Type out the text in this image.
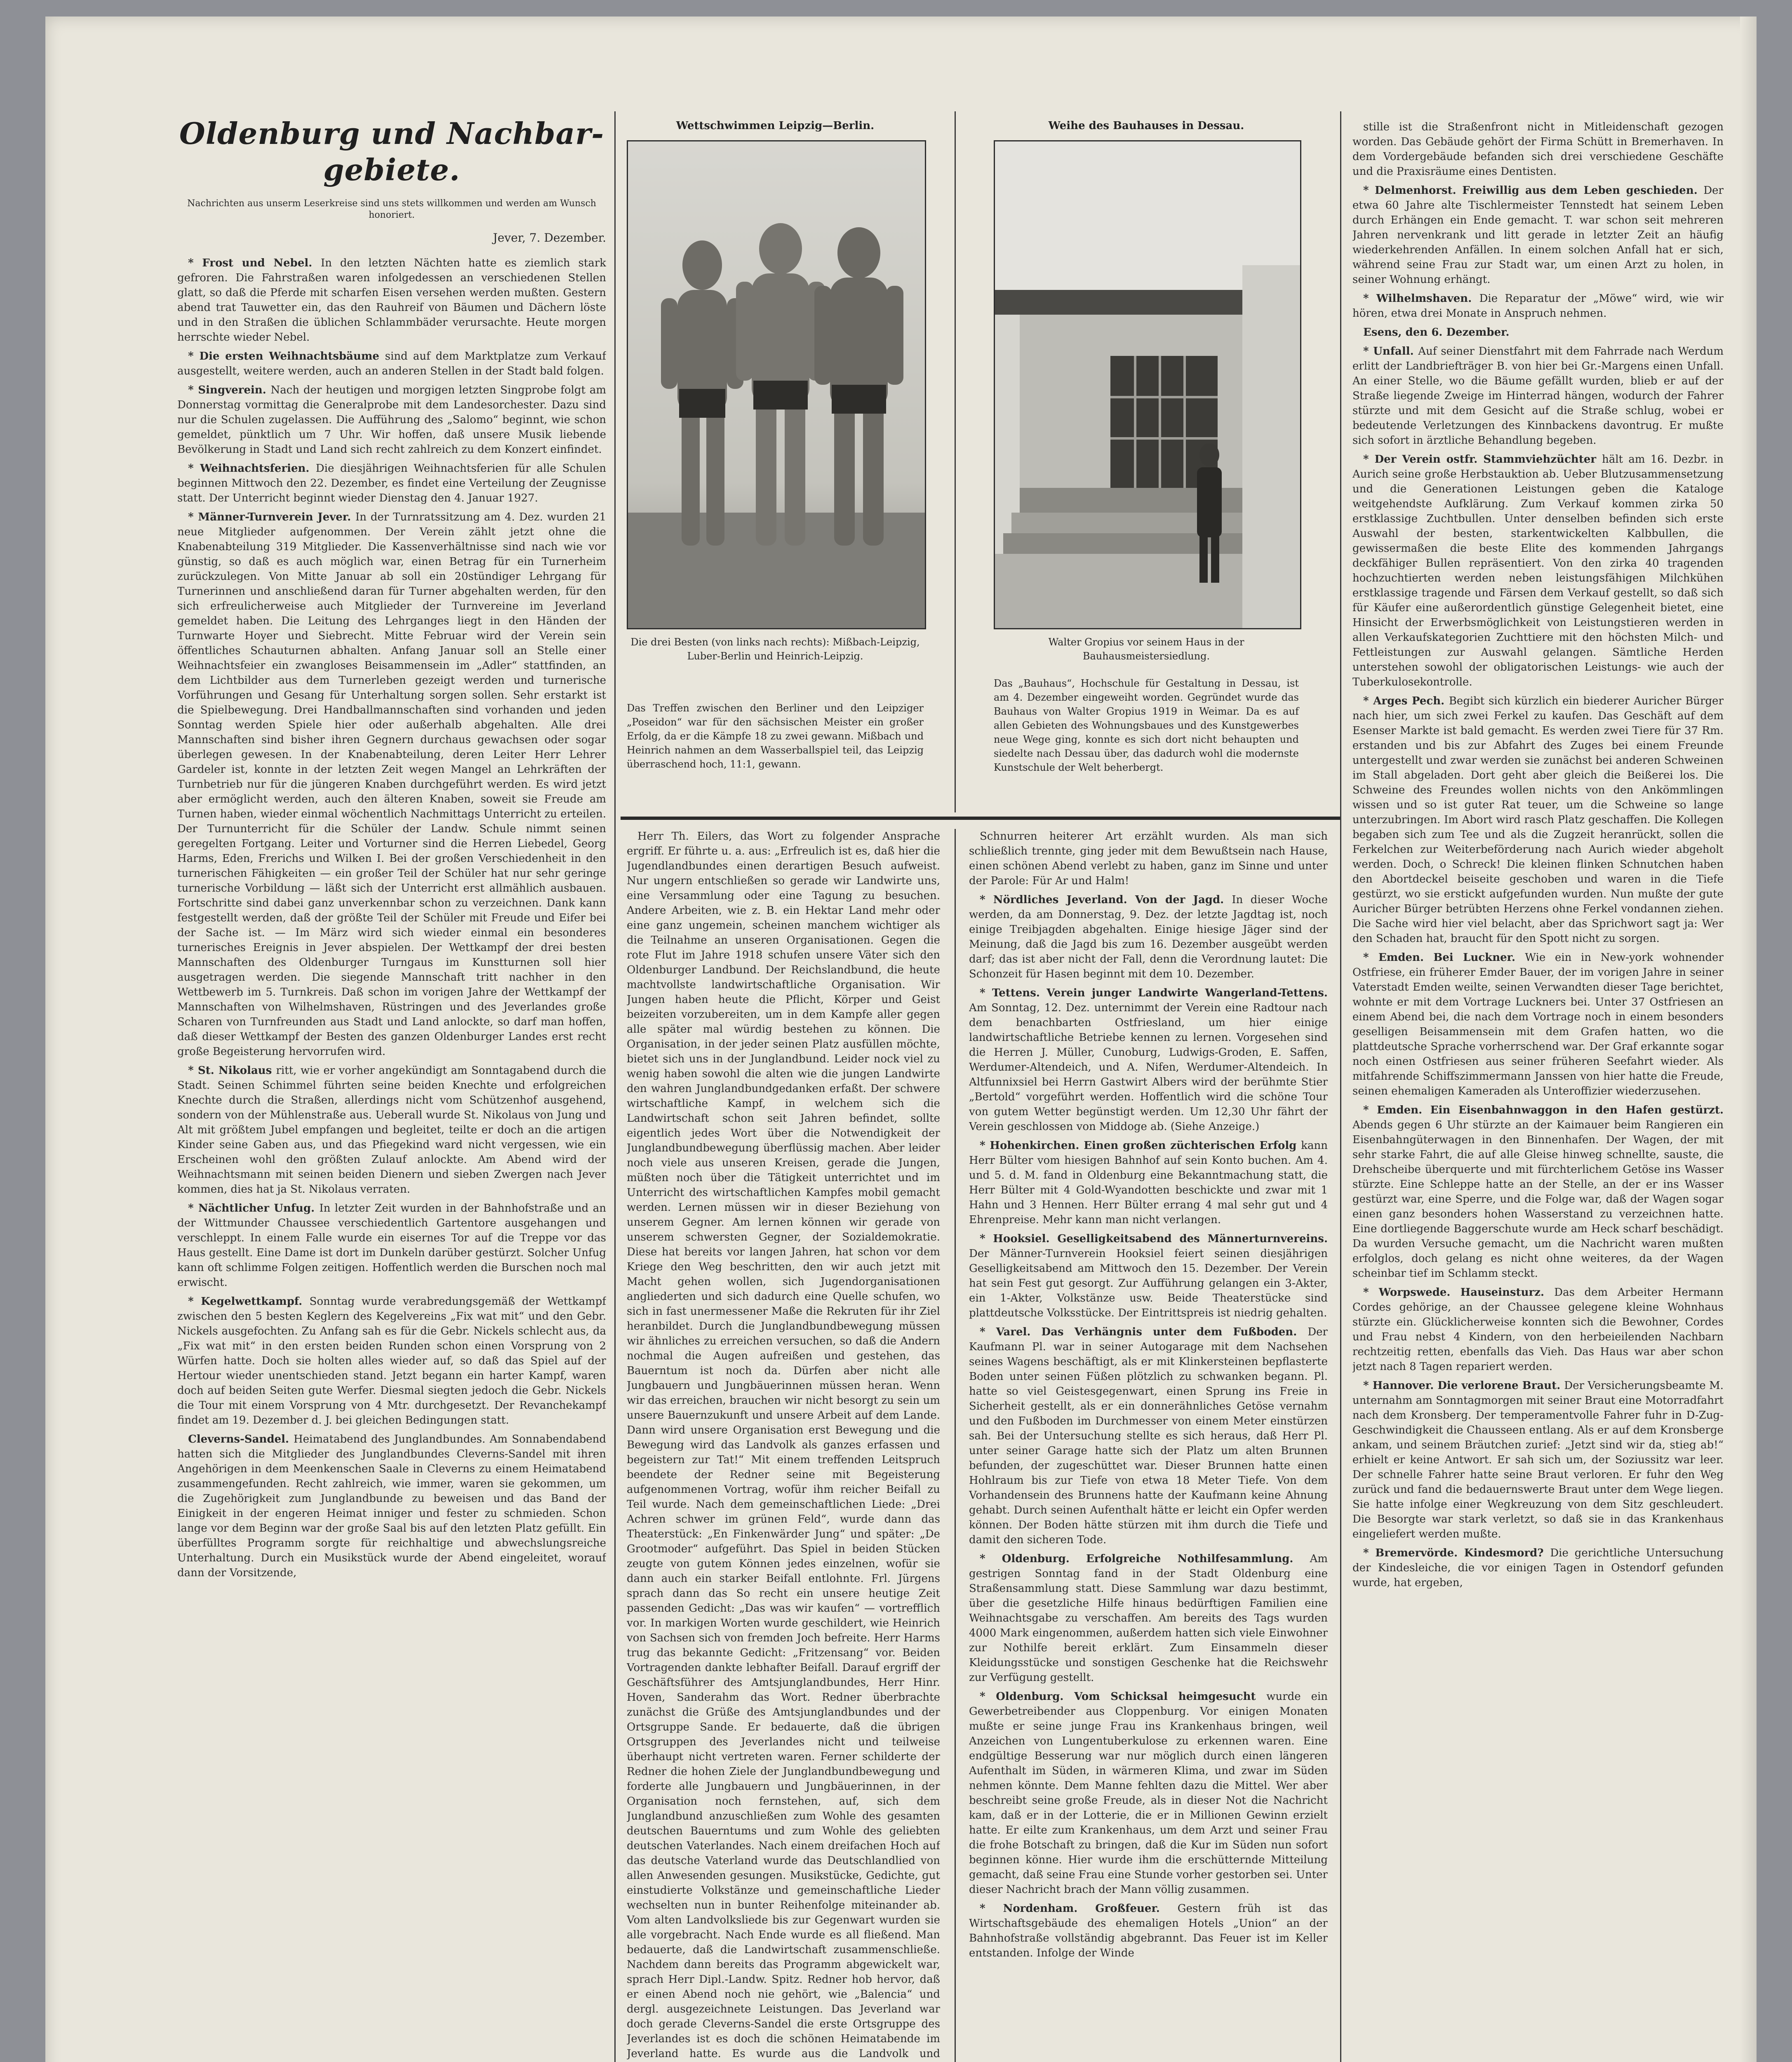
Oldenburg und Nachbar-gebiete.
Nachrichten aus unserm Leserkreise sind uns stets willkommen und werden am Wunsch honoriert.
Jever, 7. Dezember.

* Frost und Nebel. In den letzten Nächten hatte es ziemlich stark gefroren. Die Fahrstraßen waren infolgedessen an verschiedenen Stellen glatt, so daß die Pferde mit scharfen Eisen versehen werden mußten. Gestern abend trat Tauwetter ein, das den Rauhreif von Bäumen und Dächern löste und in den Straßen die üblichen Schlammbäder verursachte. Heute morgen herrschte wieder Nebel.

* Die ersten Weihnachtsbäume sind auf dem Marktplatze zum Verkauf ausgestellt, weitere werden, auch an anderen Stellen in der Stadt bald folgen.

* Singverein. Nach der heutigen und morgigen letzten Singprobe folgt am Donnerstag vormittag die Generalprobe mit dem Landesorchester. Dazu sind nur die Schulen zugelassen. Die Aufführung des „Salomo“ beginnt, wie schon gemeldet, pünktlich um 7 Uhr. Wir hoffen, daß unsere Musik liebende Bevölkerung in Stadt und Land sich recht zahlreich zu dem Konzert einfindet.

* Weihnachtsferien. Die diesjährigen Weihnachtsferien für alle Schulen beginnen Mittwoch den 22. Dezember, es findet eine Verteilung der Zeugnisse statt. Der Unterricht beginnt wieder Dienstag den 4. Januar 1927.

* Männer-Turnverein Jever. In der Turnratssitzung am 4. Dez. wurden 21 neue Mitglieder aufgenommen. Der Verein zählt jetzt ohne die Knabenabteilung 319 Mitglieder. Die Kassenverhältnisse sind nach wie vor günstig, so daß es auch möglich war, einen Betrag für ein Turnerheim zurückzulegen. Von Mitte Januar ab soll ein 20stündiger Lehrgang für Turnerinnen und anschließend daran für Turner abgehalten werden, für den sich erfreulicherweise auch Mitglieder der Turnvereine im Jeverland gemeldet haben. Die Leitung des Lehrganges liegt in den Händen der Turnwarte Hoyer und Siebrecht. Mitte Februar wird der Verein sein öffentliches Schauturnen abhalten. Anfang Januar soll an Stelle einer Weihnachtsfeier ein zwangloses Beisammensein im „Adler“ stattfinden, an dem Lichtbilder aus dem Turnerleben gezeigt werden und turnerische Vorführungen und Gesang für Unterhaltung sorgen sollen. Sehr erstarkt ist die Spielbewegung. Drei Handballmannschaften sind vorhanden und jeden Sonntag werden Spiele hier oder außerhalb abgehalten. Alle drei Mannschaften sind bisher ihren Gegnern durchaus gewachsen oder sogar überlegen gewesen. In der Knabenabteilung, deren Leiter Herr Lehrer Gardeler ist, konnte in der letzten Zeit wegen Mangel an Lehrkräften der Turnbetrieb nur für die jüngeren Knaben durchgeführt werden. Es wird jetzt aber ermöglicht werden, auch den älteren Knaben, soweit sie Freude am Turnen haben, wieder einmal wöchentlich Nachmittags Unterricht zu erteilen. Der Turnunterricht für die Schüler der Landw. Schule nimmt seinen geregelten Fortgang. Leiter und Vorturner sind die Herren Liebedel, Georg Harms, Eden, Frerichs und Wilken I. Bei der großen Verschiedenheit in den turnerischen Fähigkeiten — ein großer Teil der Schüler hat nur sehr geringe turnerische Vorbildung — läßt sich der Unterricht erst allmählich ausbauen. Fortschritte sind dabei ganz unverkennbar schon zu verzeichnen. Dank kann festgestellt werden, daß der größte Teil der Schüler mit Freude und Eifer bei der Sache ist. — Im März wird sich wieder einmal ein besonderes turnerisches Ereignis in Jever abspielen. Der Wettkampf der drei besten Mannschaften des Oldenburger Turngaus im Kunstturnen soll hier ausgetragen werden. Die siegende Mannschaft tritt nachher in den Wettbewerb im 5. Turnkreis. Daß schon im vorigen Jahre der Wettkampf der Mannschaften von Wilhelmshaven, Rüstringen und des Jeverlandes große Scharen von Turnfreunden aus Stadt und Land anlockte, so darf man hoffen, daß dieser Wettkampf der Besten des ganzen Oldenburger Landes erst recht große Begeisterung hervorrufen wird.

* St. Nikolaus ritt, wie er vorher angekündigt am Sonntagabend durch die Stadt. Seinen Schimmel führten seine beiden Knechte und erfolgreichen Knechte durch die Straßen, allerdings nicht vom Schützenhof ausgehend, sondern von der Mühlenstraße aus. Ueberall wurde St. Nikolaus von Jung und Alt mit größtem Jubel empfangen und begleitet, teilte er doch an die artigen Kinder seine Gaben aus, und das Pfiegekind ward nicht vergessen, wie ein Erscheinen wohl den größten Zulauf anlockte. Am Abend wird der Weihnachtsmann mit seinen beiden Dienern und sieben Zwergen nach Jever kommen, dies hat ja St. Nikolaus verraten.

* Nächtlicher Unfug. In letzter Zeit wurden in der Bahnhofstraße und an der Wittmunder Chaussee verschiedentlich Gartentore ausgehangen und verschleppt. In einem Falle wurde ein eisernes Tor auf die Treppe vor das Haus gestellt. Eine Dame ist dort im Dunkeln darüber gestürzt. Solcher Unfug kann oft schlimme Folgen zeitigen. Hoffentlich werden die Burschen noch mal erwischt.

* Kegelwettkampf. Sonntag wurde verabredungsgemäß der Wettkampf zwischen den 5 besten Keglern des Kegelvereins „Fix wat mit“ und den Gebr. Nickels ausgefochten. Zu Anfang sah es für die Gebr. Nickels schlecht aus, da „Fix wat mit“ in den ersten beiden Runden schon einen Vorsprung von 2 Würfen hatte. Doch sie holten alles wieder auf, so daß das Spiel auf der Hertour wieder unentschieden stand. Jetzt begann ein harter Kampf, waren doch auf beiden Seiten gute Werfer. Diesmal siegten jedoch die Gebr. Nickels die Tour mit einem Vorsprung von 4 Mtr. durchgesetzt. Der Revanchekampf findet am 19. Dezember d. J. bei gleichen Bedingungen statt.

Cleverns-Sandel. Heimatabend des Junglandbundes. Am Sonnabendabend hatten sich die Mitglieder des Junglandbundes Cleverns-Sandel mit ihren Angehörigen in dem Meenkenschen Saale in Cleverns zu einem Heimatabend zusammengefunden. Recht zahlreich, wie immer, waren sie gekommen, um die Zugehörigkeit zum Junglandbunde zu beweisen und das Band der Einigkeit in der engeren Heimat inniger und fester zu schmieden. Schon lange vor dem Beginn war der große Saal bis auf den letzten Platz gefüllt. Ein überfülltes Programm sorgte für reichhaltige und abwechslungsreiche Unterhaltung. Durch ein Musikstück wurde der Abend eingeleitet, worauf dann der Vorsitzende,

Wettschwimmen Leipzig—Berlin.
Die drei Besten (von links nach rechts): Mißbach-Leipzig, Luber-Berlin und Heinrich-Leipzig.
Das Treffen zwischen den Berliner und den Leipziger „Poseidon“ war für den sächsischen Meister ein großer Erfolg, da er die Kämpfe 18 zu zwei gewann. Mißbach und Heinrich nahmen an dem Wasserballspiel teil, das Leipzig überraschend hoch, 11:1, gewann.
Weihe des Bauhauses in Dessau.
Walter Gropius vor seinem Haus in der Bauhausmeistersiedlung.
Das „Bauhaus“, Hochschule für Gestaltung in Dessau, ist am 4. Dezember eingeweiht worden. Gegründet wurde das Bauhaus von Walter Gropius 1919 in Weimar. Da es auf allen Gebieten des Wohnungsbaues und des Kunstgewerbes neue Wege ging, konnte es sich dort nicht behaupten und siedelte nach Dessau über, das dadurch wohl die modernste Kunstschule der Welt beherbergt.

Herr Th. Eilers, das Wort zu folgender Ansprache ergriff. Er führte u. a. aus: „Erfreulich ist es, daß hier die Jugendlandbundes einen derartigen Besuch aufweist. Nur ungern entschließen so gerade wir Landwirte uns, eine Versammlung oder eine Tagung zu besuchen. Andere Arbeiten, wie z. B. ein Hektar Land mehr oder eine ganz ungemein, scheinen manchem wichtiger als die Teilnahme an unseren Organisationen. Gegen die rote Flut im Jahre 1918 schufen unsere Väter sich den Oldenburger Landbund. Der Reichslandbund, die heute machtvollste landwirtschaftliche Organisation. Wir Jungen haben heute die Pflicht, Körper und Geist beizeiten vorzubereiten, um in dem Kampfe aller gegen alle später mal würdig bestehen zu können. Die Organisation, in der jeder seinen Platz ausfüllen möchte, bietet sich uns in der Junglandbund. Leider nock viel zu wenig haben sowohl die alten wie die jungen Landwirte den wahren Junglandbundgedanken erfaßt. Der schwere wirtschaftliche Kampf, in welchem sich die Landwirtschaft schon seit Jahren befindet, sollte eigentlich jedes Wort über die Notwendigkeit der Junglandbundbewegung überflüssig machen. Aber leider noch viele aus unseren Kreisen, gerade die Jungen, müßten noch über die Tätigkeit unterrichtet und im Unterricht des wirtschaftlichen Kampfes mobil gemacht werden. Lernen müssen wir in dieser Beziehung von unserem Gegner. Am lernen können wir gerade von unserem schwersten Gegner, der Sozialdemokratie. Diese hat bereits vor langen Jahren, hat schon vor dem Kriege den Weg beschritten, den wir auch jetzt mit Macht gehen wollen, sich Jugendorganisationen angliederten und sich dadurch eine Quelle schufen, wo sich in fast unermessener Maße die Rekruten für ihr Ziel heranbildet. Durch die Junglandbundbewegung müssen wir ähnliches zu erreichen versuchen, so daß die Andern nochmal die Augen aufreißen und gestehen, das Bauerntum ist noch da. Dürfen aber nicht alle Jungbauern und Jungbäuerinnen müssen heran. Wenn wir das erreichen, brauchen wir nicht besorgt zu sein um unsere Bauernzukunft und unsere Arbeit auf dem Lande. Dann wird unsere Organisation erst Bewegung und die Bewegung wird das Landvolk als ganzes erfassen und begeistern zur Tat!“ Mit einem treffenden Leitspruch beendete der Redner seine mit Begeisterung aufgenommenen Vortrag, wofür ihm reicher Beifall zu Teil wurde. Nach dem gemeinschaftlichen Liede: „Drei Achren schwer im grünen Feld“, wurde dann das Theaterstück: „En Finkenwärder Jung“ und später: „De Grootmoder“ aufgeführt. Das Spiel in beiden Stücken zeugte von gutem Können jedes einzelnen, wofür sie dann auch ein starker Beifall entlohnte. Frl. Jürgens sprach dann das So recht ein unsere heutige Zeit passenden Gedicht: „Das was wir kaufen“ — vortrefflich vor. In markigen Worten wurde geschildert, wie Heinrich von Sachsen sich von fremden Joch befreite. Herr Harms trug das bekannte Gedicht: „Fritzensang“ vor. Beiden Vortragenden dankte lebhafter Beifall. Darauf ergriff der Geschäftsführer des Amtsjunglandbundes, Herr Hinr. Hoven, Sanderahm das Wort. Redner überbrachte zunächst die Grüße des Amtsjunglandbundes und der Ortsgruppe Sande. Er bedauerte, daß die übrigen Ortsgruppen des Jeverlandes nicht und teilweise überhaupt nicht vertreten waren. Ferner schilderte der Redner die hohen Ziele der Junglandbundbewegung und forderte alle Jungbauern und Jungbäuerinnen, in der Organisation noch fernstehen, auf, sich dem Junglandbund anzuschließen zum Wohle des gesamten deutschen Bauerntums und zum Wohle des geliebten deutschen Vaterlandes. Nach einem dreifachen Hoch auf das deutsche Vaterland wurde das Deutschlandlied von allen Anwesenden gesungen. Musikstücke, Gedichte, gut einstudierte Volkstänze und gemeinschaftliche Lieder wechselten nun in bunter Reihenfolge miteinander ab. Vom alten Landvolksliede bis zur Gegenwart wurden sie alle vorgebracht. Nach Ende wurde es all fließend. Man bedauerte, daß die Landwirtschaft zusammenschließe. Nachdem dann bereits das Programm abgewickelt war, sprach Herr Dipl.-Landw. Spitz. Redner hob hervor, daß er einen Abend noch nie gehört, wie „Balencia“ und dergl. ausgezeichnete Leistungen. Das Jeverland war doch gerade Cleverns-Sandel die erste Ortsgruppe des Jeverlandes ist es doch die schönen Heimatabende im Jeverland hatte. Es wurde aus die Landvolk und

Schnurren heiterer Art erzählt wurden. Als man sich schließlich trennte, ging jeder mit dem Bewußtsein nach Hause, einen schönen Abend verlebt zu haben, ganz im Sinne und unter der Parole: Für Ar und Halm!

* Nördliches Jeverland. Von der Jagd. In dieser Woche werden, da am Donnerstag, 9. Dez. der letzte Jagdtag ist, noch einige Treibjagden abgehalten. Einige hiesige Jäger sind der Meinung, daß die Jagd bis zum 16. Dezember ausgeübt werden darf; das ist aber nicht der Fall, denn die Verordnung lautet: Die Schonzeit für Hasen beginnt mit dem 10. Dezember.

* Tettens. Verein junger Landwirte Wangerland-Tettens. Am Sonntag, 12. Dez. unternimmt der Verein eine Radtour nach dem benachbarten Ostfriesland, um hier einige landwirtschaftliche Betriebe kennen zu lernen. Vorgesehen sind die Herren J. Müller, Cunoburg, Ludwigs-Groden, E. Saffen, Werdumer-Altendeich, und A. Nifen, Werdumer-Altendeich. In Altfunnixsiel bei Herrn Gastwirt Albers wird der berühmte Stier „Bertold“ vorgeführt werden. Hoffentlich wird die schöne Tour von gutem Wetter begünstigt werden. Um 12,30 Uhr fährt der Verein geschlossen von Middoge ab. (Siehe Anzeige.)

* Hohenkirchen. Einen großen züchterischen Erfolg kann Herr Bülter vom hiesigen Bahnhof auf sein Konto buchen. Am 4. und 5. d. M. fand in Oldenburg eine Bekanntmachung statt, die Herr Bülter mit 4 Gold-Wyandotten beschickte und zwar mit 1 Hahn und 3 Hennen. Herr Bülter errang 4 mal sehr gut und 4 Ehrenpreise. Mehr kann man nicht verlangen.

* Hooksiel. Geselligkeitsabend des Männerturnvereins. Der Männer-Turnverein Hooksiel feiert seinen diesjährigen Geselligkeitsabend am Mittwoch den 15. Dezember. Der Verein hat sein Fest gut gesorgt. Zur Aufführung gelangen ein 3-Akter, ein 1-Akter, Volkstänze usw. Beide Theaterstücke sind plattdeutsche Volksstücke. Der Eintrittspreis ist niedrig gehalten.

* Varel. Das Verhängnis unter dem Fußboden. Der Kaufmann Pl. war in seiner Autogarage mit dem Nachsehen seines Wagens beschäftigt, als er mit Klinkersteinen bepflasterte Boden unter seinen Füßen plötzlich zu schwanken begann. Pl. hatte so viel Geistesgegenwart, einen Sprung ins Freie in Sicherheit gestellt, als er ein donnerähnliches Getöse vernahm und den Fußboden im Durchmesser von einem Meter einstürzen sah. Bei der Untersuchung stellte es sich heraus, daß Herr Pl. unter seiner Garage hatte sich der Platz um alten Brunnen befunden, der zugeschüttet war. Dieser Brunnen hatte einen Hohlraum bis zur Tiefe von etwa 18 Meter Tiefe. Von dem Vorhandensein des Brunnens hatte der Kaufmann keine Ahnung gehabt. Durch seinen Aufenthalt hätte er leicht ein Opfer werden können. Der Boden hätte stürzen mit ihm durch die Tiefe und damit den sicheren Tode.

* Oldenburg. Erfolgreiche Nothilfesammlung. Am gestrigen Sonntag fand in der Stadt Oldenburg eine Straßensammlung statt. Diese Sammlung war dazu bestimmt, über die gesetzliche Hilfe hinaus bedürftigen Familien eine Weihnachtsgabe zu verschaffen. Am bereits des Tags wurden 4000 Mark eingenommen, außerdem hatten sich viele Einwohner zur Nothilfe bereit erklärt. Zum Einsammeln dieser Kleidungsstücke und sonstigen Geschenke hat die Reichswehr zur Verfügung gestellt.

* Oldenburg. Vom Schicksal heimgesucht wurde ein Gewerbetreibender aus Cloppenburg. Vor einigen Monaten mußte er seine junge Frau ins Krankenhaus bringen, weil Anzeichen von Lungentuberkulose zu erkennen waren. Eine endgültige Besserung war nur möglich durch einen längeren Aufenthalt im Süden, in wärmeren Klima, und zwar im Süden nehmen könnte. Dem Manne fehlten dazu die Mittel. Wer aber beschreibt seine große Freude, als in dieser Not die Nachricht kam, daß er in der Lotterie, die er in Millionen Gewinn erzielt hatte. Er eilte zum Krankenhaus, um dem Arzt und seiner Frau die frohe Botschaft zu bringen, daß die Kur im Süden nun sofort beginnen könne. Hier wurde ihm die erschütternde Mitteilung gemacht, daß seine Frau eine Stunde vorher gestorben sei. Unter dieser Nachricht brach der Mann völlig zusammen.

* Nordenham. Großfeuer. Gestern früh ist das Wirtschaftsgebäude des ehemaligen Hotels „Union“ an der Bahnhofstraße vollständig abgebrannt. Das Feuer ist im Keller entstanden. Infolge der Winde

stille ist die Straßenfront nicht in Mitleidenschaft gezogen worden. Das Gebäude gehört der Firma Schütt in Bremerhaven. In dem Vordergebäude befanden sich drei verschiedene Geschäfte und die Praxisräume eines Dentisten.

* Delmenhorst. Freiwillig aus dem Leben geschieden. Der etwa 60 Jahre alte Tischlermeister Tennstedt hat seinem Leben durch Erhängen ein Ende gemacht. T. war schon seit mehreren Jahren nervenkrank und litt gerade in letzter Zeit an häufig wiederkehrenden Anfällen. In einem solchen Anfall hat er sich, während seine Frau zur Stadt war, um einen Arzt zu holen, in seiner Wohnung erhängt.

* Wilhelmshaven. Die Reparatur der „Möwe“ wird, wie wir hören, etwa drei Monate in Anspruch nehmen.

Esens, den 6. Dezember.

* Unfall. Auf seiner Dienstfahrt mit dem Fahrrade nach Werdum erlitt der Landbriefträger B. von hier bei Gr.-Margens einen Unfall. An einer Stelle, wo die Bäume gefällt wurden, blieb er auf der Straße liegende Zweige im Hinterrad hängen, wodurch der Fahrer stürzte und mit dem Gesicht auf die Straße schlug, wobei er bedeutende Verletzungen des Kinnbackens davontrug. Er mußte sich sofort in ärztliche Behandlung begeben.

* Der Verein ostfr. Stammviehzüchter hält am 16. Dezbr. in Aurich seine große Herbstauktion ab. Ueber Blutzusammensetzung und die Generationen Leistungen geben die Kataloge weitgehendste Aufklärung. Zum Verkauf kommen zirka 50 erstklassige Zuchtbullen. Unter denselben befinden sich erste Auswahl der besten, starkentwickelten Kalbbullen, die gewissermaßen die beste Elite des kommenden Jahrgangs deckfähiger Bullen repräsentiert. Von den zirka 40 tragenden hochzuchtierten werden neben leistungsfähigen Milchkühen erstklassige tragende und Färsen dem Verkauf gestellt, so daß sich für Käufer eine außerordentlich günstige Gelegenheit bietet, eine Hinsicht der Erwerbsmöglichkeit von Leistungstieren werden in allen Verkaufskategorien Zuchttiere mit den höchsten Milch- und Fettleistungen zur Auswahl gelangen. Sämtliche Herden unterstehen sowohl der obligatorischen Leistungs- wie auch der Tuberkulosekontrolle.

* Arges Pech. Begibt sich kürzlich ein biederer Auricher Bürger nach hier, um sich zwei Ferkel zu kaufen. Das Geschäft auf dem Esenser Markte ist bald gemacht. Es werden zwei Tiere für 37 Rm. erstanden und bis zur Abfahrt des Zuges bei einem Freunde untergestellt und zwar werden sie zunächst bei anderen Schweinen im Stall abgeladen. Dort geht aber gleich die Beißerei los. Die Schweine des Freundes wollen nichts von den Ankömmlingen wissen und so ist guter Rat teuer, um die Schweine so lange unterzubringen. Im Abort wird rasch Platz geschaffen. Die Kollegen begaben sich zum Tee und als die Zugzeit heranrückt, sollen die Ferkelchen zur Weiterbeförderung nach Aurich wieder abgeholt werden. Doch, o Schreck! Die kleinen flinken Schnutchen haben den Abortdeckel beiseite geschoben und waren in die Tiefe gestürzt, wo sie erstickt aufgefunden wurden. Nun mußte der gute Auricher Bürger betrübten Herzens ohne Ferkel vondannen ziehen. Die Sache wird hier viel belacht, aber das Sprichwort sagt ja: Wer den Schaden hat, braucht für den Spott nicht zu sorgen.

* Emden. Bei Luckner. Wie ein in New-york wohnender Ostfriese, ein früherer Emder Bauer, der im vorigen Jahre in seiner Vaterstadt Emden weilte, seinen Verwandten dieser Tage berichtet, wohnte er mit dem Vortrage Luckners bei. Unter 37 Ostfriesen an einem Abend bei, die nach dem Vortrage noch in einem besonders geselligen Beisammensein mit dem Grafen hatten, wo die plattdeutsche Sprache vorherrschend war. Der Graf erkannte sogar noch einen Ostfriesen aus seiner früheren Seefahrt wieder. Als mitfahrende Schiffszimmermann Janssen von hier hatte die Freude, seinen ehemaligen Kameraden als Unteroffizier wiederzusehen.

* Emden. Ein Eisenbahnwaggon in den Hafen gestürzt. Abends gegen 6 Uhr stürzte an der Kaimauer beim Rangieren ein Eisenbahngüterwagen in den Binnenhafen. Der Wagen, der mit sehr starke Fahrt, die auf alle Gleise hinweg schnellte, sauste, die Drehscheibe überquerte und mit fürchterlichem Getöse ins Wasser stürzte. Eine Schleppe hatte an der Stelle, an der er ins Wasser gestürzt war, eine Sperre, und die Folge war, daß der Wagen sogar einen ganz besonders hohen Wasserstand zu verzeichnen hatte. Eine dortliegende Baggerschute wurde am Heck scharf beschädigt. Da wurden Versuche gemacht, um die Nachricht waren mußten erfolglos, doch gelang es nicht ohne weiteres, da der Wagen scheinbar tief im Schlamm steckt.

* Worpswede. Hauseinsturz. Das dem Arbeiter Hermann Cordes gehörige, an der Chaussee gelegene kleine Wohnhaus stürzte ein. Glücklicherweise konnten sich die Bewohner, Cordes und Frau nebst 4 Kindern, von den herbeieilenden Nachbarn rechtzeitig retten, ebenfalls das Vieh. Das Haus war aber schon jetzt nach 8 Tagen repariert werden.

* Hannover. Die verlorene Braut. Der Versicherungsbeamte M. unternahm am Sonntagmorgen mit seiner Braut eine Motorradfahrt nach dem Kronsberg. Der temperamentvolle Fahrer fuhr in D-Zug-Geschwindigkeit die Chausseen entlang. Als er auf dem Kronsberge ankam, und seinem Bräutchen zurief: „Jetzt sind wir da, stieg ab!“ erhielt er keine Antwort. Er sah sich um, der Soziussitz war leer. Der schnelle Fahrer hatte seine Braut verloren. Er fuhr den Weg zurück und fand die bedauernswerte Braut unter dem Wege liegen. Sie hatte infolge einer Wegkreuzung von dem Sitz geschleudert. Die Besorgte war stark verletzt, so daß sie in das Krankenhaus eingeliefert werden mußte.

* Bremervörde. Kindesmord? Die gerichtliche Untersuchung der Kindesleiche, die vor einigen Tagen in Ostendorf gefunden wurde, hat ergeben,
